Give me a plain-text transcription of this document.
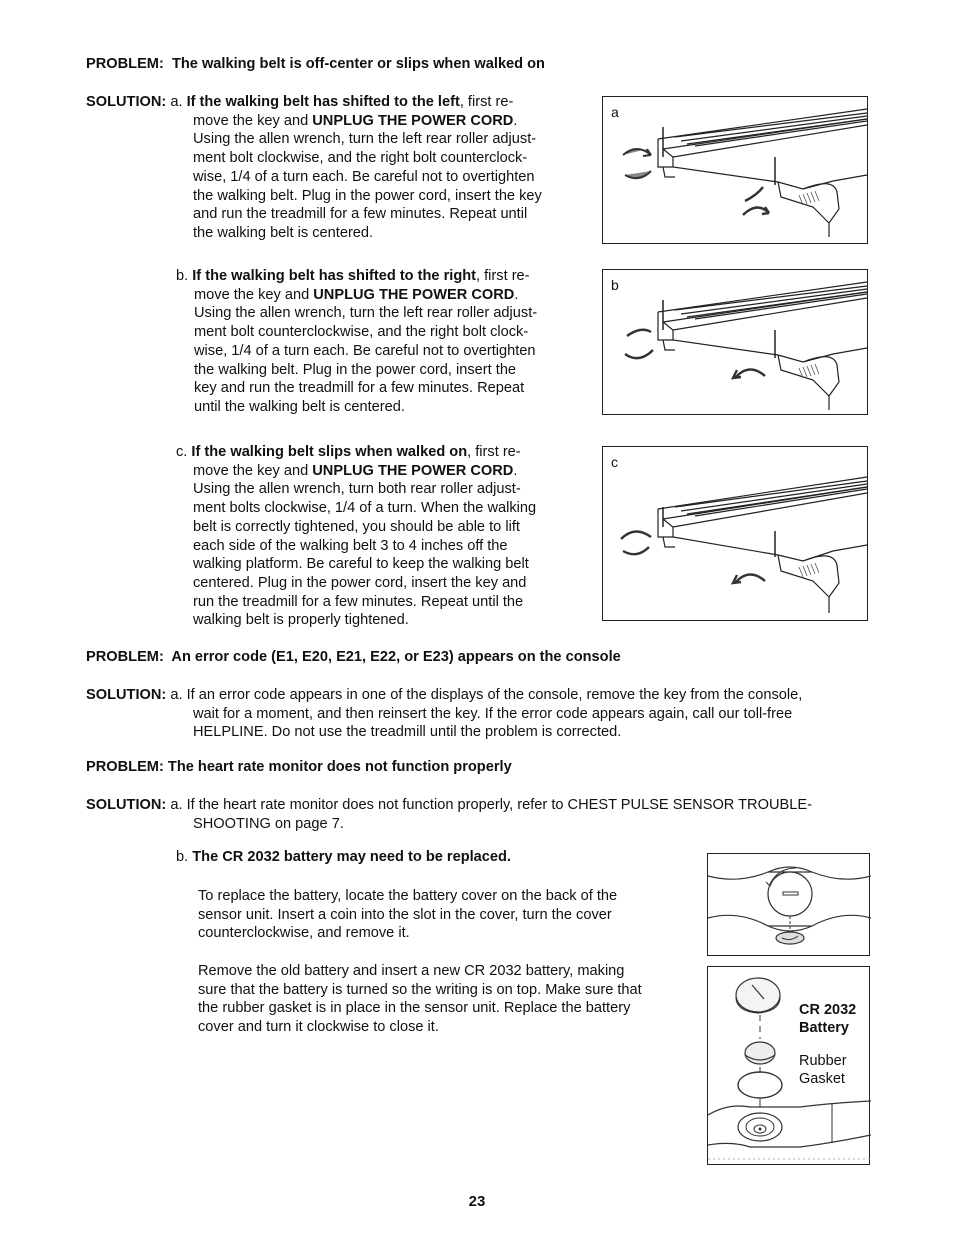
PROBLEM: The walking belt is off-center or slips when walked on
SOLUTION: a. If the walking belt has shifted to the left, first re-
move the key and UNPLUG THE POWER CORD.
Using the allen wrench, turn the left rear roller adjust-
ment bolt clockwise, and the right bolt counterclock-
wise, 1/4 of a turn each. Be careful not to overtighten
the walking belt. Plug in the power cord, insert the key
and run the treadmill for a few minutes. Repeat until
the walking belt is centered.
b. If the walking belt has shifted to the right, first re-
move the key and UNPLUG THE POWER CORD.
Using the allen wrench, turn the left rear roller adjust-
ment bolt counterclockwise, and the right bolt clock-
wise, 1/4 of a turn each. Be careful not to overtighten
the walking belt. Plug in the power cord, insert the
key and run the treadmill for a few minutes. Repeat
until the walking belt is centered.
c. If the walking belt slips when walked on, first re-
move the key and UNPLUG THE POWER CORD.
Using the allen wrench, turn both rear roller adjust-
ment bolts clockwise, 1/4 of a turn. When the walking
belt is correctly tightened, you should be able to lift
each side of the walking belt 3 to 4 inches off the
walking platform. Be careful to keep the walking belt
centered. Plug in the power cord, insert the key and
run the treadmill for a few minutes. Repeat until the
walking belt is properly tightened.
a
b
c
PROBLEM: An error code (E1, E20, E21, E22, or E23) appears on the console
SOLUTION: a. If an error code appears in one of the displays of the console, remove the key from the console,
wait for a moment, and then reinsert the key. If the error code appears again, call our toll-free
HELPLINE. Do not use the treadmill until the problem is corrected.
PROBLEM: The heart rate monitor does not function properly
SOLUTION: a. If the heart rate monitor does not function properly, refer to CHEST PULSE SENSOR TROUBLE-
SHOOTING on page 7.
b. The CR 2032 battery may need to be replaced.
To replace the battery, locate the battery cover on the back of the
sensor unit. Insert a coin into the slot in the cover, turn the cover
counterclockwise, and remove it.
Remove the old battery and insert a new CR 2032 battery, making
sure that the battery is turned so the writing is on top. Make sure that
the rubber gasket is in place in the sensor unit. Replace the battery
cover and turn it clockwise to close it.
CR 2032
Battery
Rubber
Gasket
23
